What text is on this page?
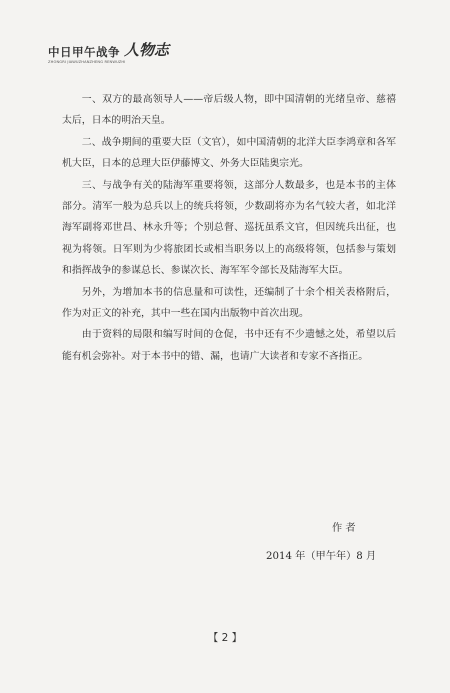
中日甲午战争 人物志
ZHONGRI JIAWUZHANZHENG RENWUZHI

一、双方的最高领导人——帝后级人物，即中国清朝的光绪皇帝、慈禧太后，日本的明治天皇。

二、战争期间的重要大臣（文官），如中国清朝的北洋大臣李鸿章和各军机大臣，日本的总理大臣伊藤博文、外务大臣陆奥宗光。

三、与战争有关的陆海军重要将领，这部分人数最多，也是本书的主体部分。清军一般为总兵以上的统兵将领，少数副将亦为名气较大者，如北洋海军副将邓世昌、林永升等；个别总督、巡抚虽系文官，但因统兵出征，也视为将领。日军则为少将旅团长或相当职务以上的高级将领，包括参与策划和指挥战争的参谋总长、参谋次长、海军军令部长及陆海军大臣。

另外，为增加本书的信息量和可读性，还编制了十余个相关表格附后，作为对正文的补充，其中一些在国内出版物中首次出现。

由于资料的局限和编写时间的仓促，书中还有不少遗憾之处，希望以后能有机会弥补。对于本书中的错、漏，也请广大读者和专家不吝指正。

作 者
2014 年（甲午年）8 月
【 2 】
